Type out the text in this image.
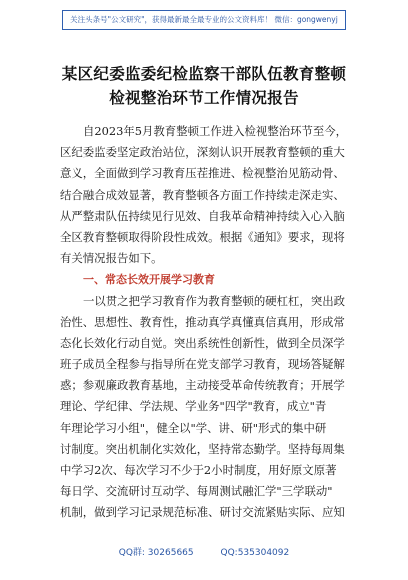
关注头条号"公文研究"，获得最新最全最专业的公文资料库！ 微信：gongwenyj
某区纪委监委纪检监察干部队伍教育整顿
检视整治环节工作情况报告
自2023年5月教育整顿工作进入检视整治环节至今，
区纪委监委坚定政治站位，深刻认识开展教育整顿的重大
意义，全面做到学习教育压茬推进、检视整治见筋动骨、
结合融合成效显著，教育整顿各方面工作持续走深走实、
从严整肃队伍持续见行见效、自我革命精神持续入心入脑
全区教育整顿取得阶段性成效。根据《通知》要求，现将
有关情况报告如下。
一、常态长效开展学习教育
一以贯之把学习教育作为教育整顿的硬杠杠，突出政
治性、思想性、教育性，推动真学真懂真信真用，形成常
态化长效化行动自觉。突出系统性创新性，做到全员深学
班子成员全程参与指导所在党支部学习教育，现场答疑解
惑；参观廉政教育基地，主动接受革命传统教育；开展学
理论、学纪律、学法规、学业务"四学"教育，成立"青
年理论学习小组"，健全以"学、讲、研"形式的集中研
讨制度。突出机制化实效化，坚持常态勤学。坚持每周集
中学习2次、每次学习不少于2小时制度，用好原文原著
每日学、交流研讨互动学、每周测试融汇学"三学联动"
机制，做到学习记录规范标准、研讨交流紧贴实际、应知
QQ群: 30265665	QQ:535304092
